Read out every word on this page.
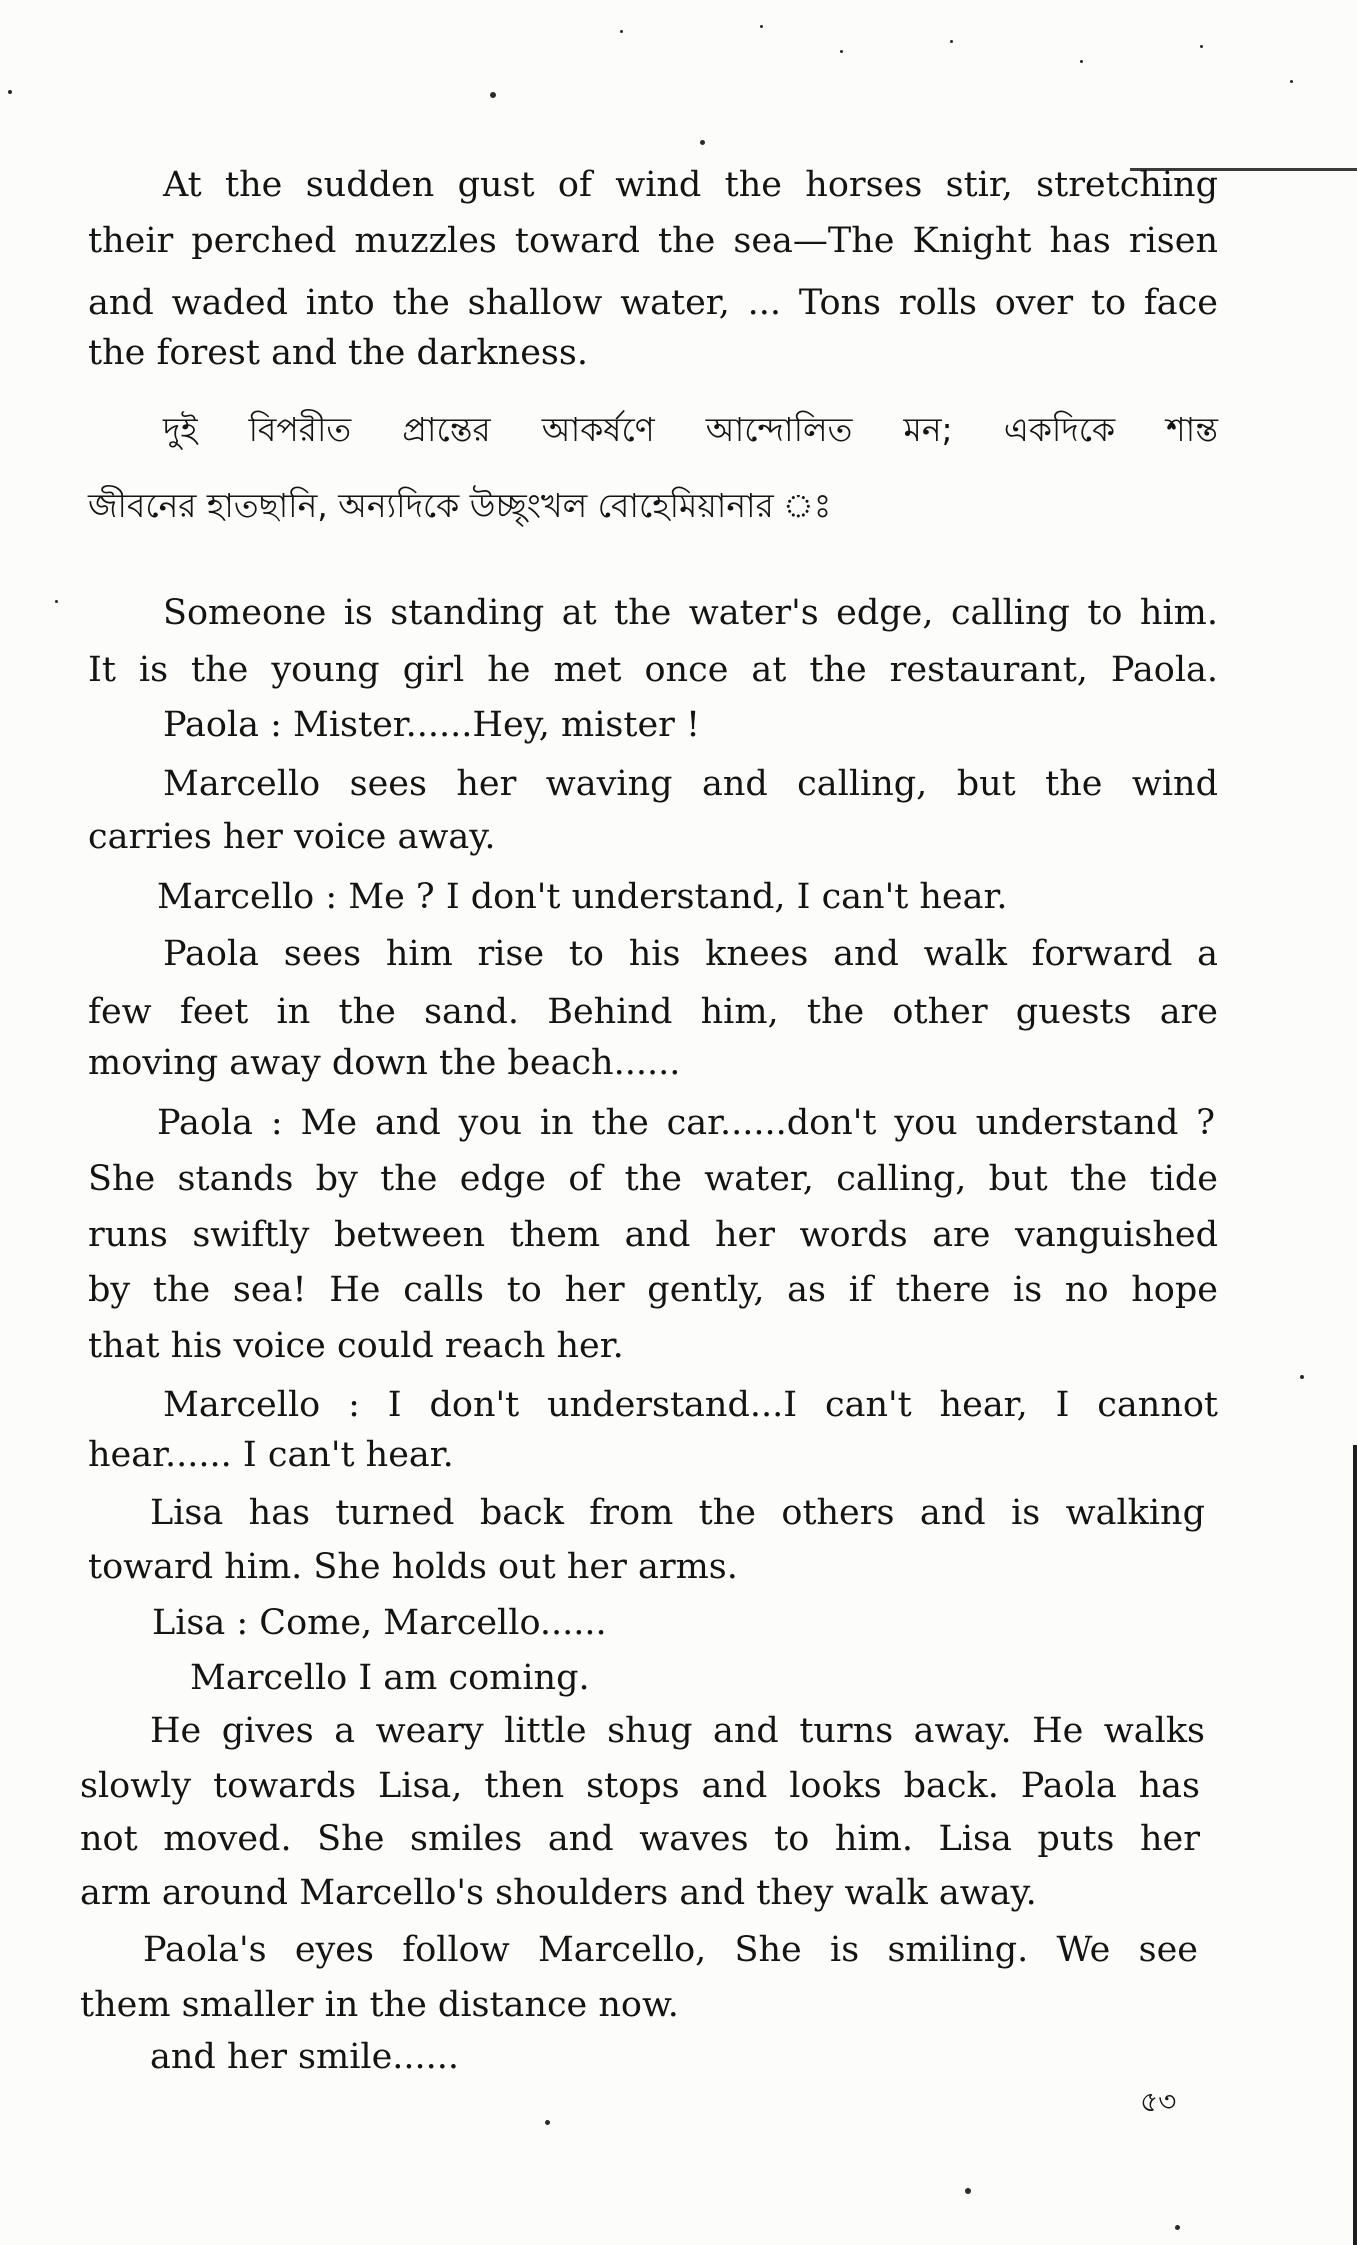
At the sudden gust of wind the horses stir, stretching
their perched muzzles toward the sea—The Knight has risen
and waded into the shallow water, ... Tons rolls over to face
the forest and the darkness.
দুই বিপরীত প্রান্তের আকর্ষণে আন্দোলিত মন; একদিকে শান্ত
জীবনের হাতছানি, অন্যদিকে উচ্ছৃংখল বোহেমিয়ানার ঃ
Someone is standing at the water's edge, calling to him.
It is the young girl he met once at the restaurant, Paola.
Paola : Mister......Hey, mister !
Marcello sees her waving and calling, but the wind
carries her voice away.
Marcello : Me ? I don't understand, I can't hear.
Paola sees him rise to his knees and walk forward a
few feet in the sand. Behind him, the other guests are
moving away down the beach......
Paola : Me and you in the car......don't you understand ?
She stands by the edge of the water, calling, but the tide
runs swiftly between them and her words are vanguished
by the sea! He calls to her gently, as if there is no hope
that his voice could reach her.
Marcello : I don't understand...I can't hear, I cannot
hear...... I can't hear.
Lisa has turned back from the others and is walking
toward him. She holds out her arms.
Lisa : Come, Marcello......
Marcello I am coming.
He gives a weary little shug and turns away. He walks
slowly towards Lisa, then stops and looks back. Paola has
not moved. She smiles and waves to him. Lisa puts her
arm around Marcello's shoulders and they walk away.
Paola's eyes follow Marcello, She is smiling. We see
them smaller in the distance now.
and her smile......
৫৩
